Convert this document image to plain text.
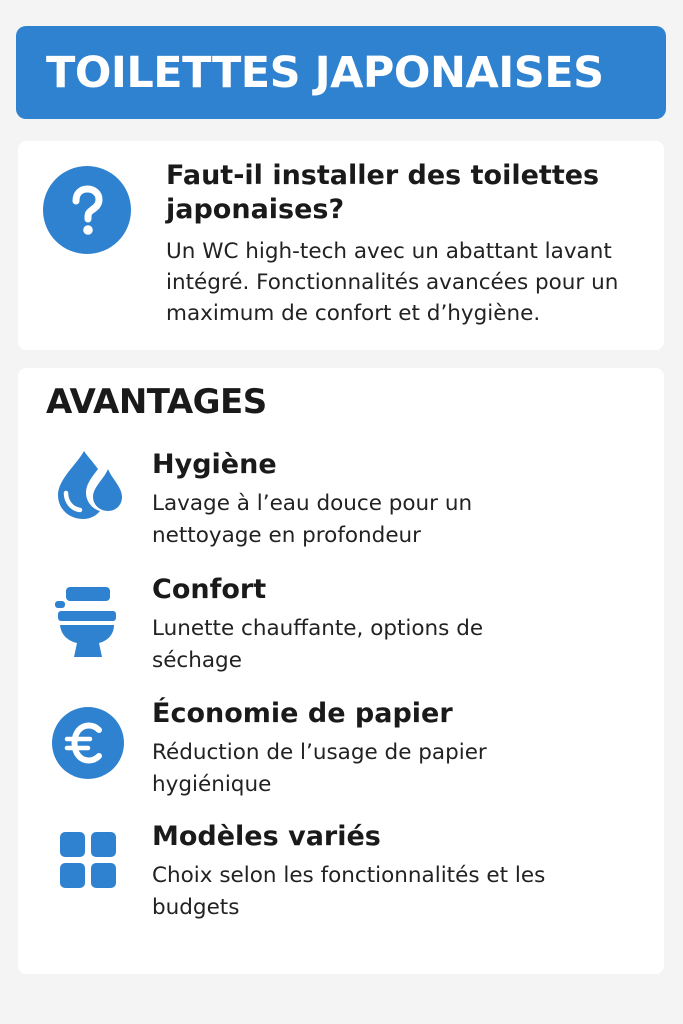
TOILETTES JAPONAISES
Faut-il installer des toilettes japonaises?

Un WC high-tech avec un abattant lavant intégré. Fonctionnalités avancées pour un maximum de confort et d’hygiène.

AVANTAGES
Hygiène

Lavage à l’eau douce pour un nettoyage en profondeur

Confort

Lunette chauffante, options de séchage

Économie de papier

Réduction de l’usage de papier hygiénique

Modèles variés

Choix selon les fonctionnalités et les budgets
